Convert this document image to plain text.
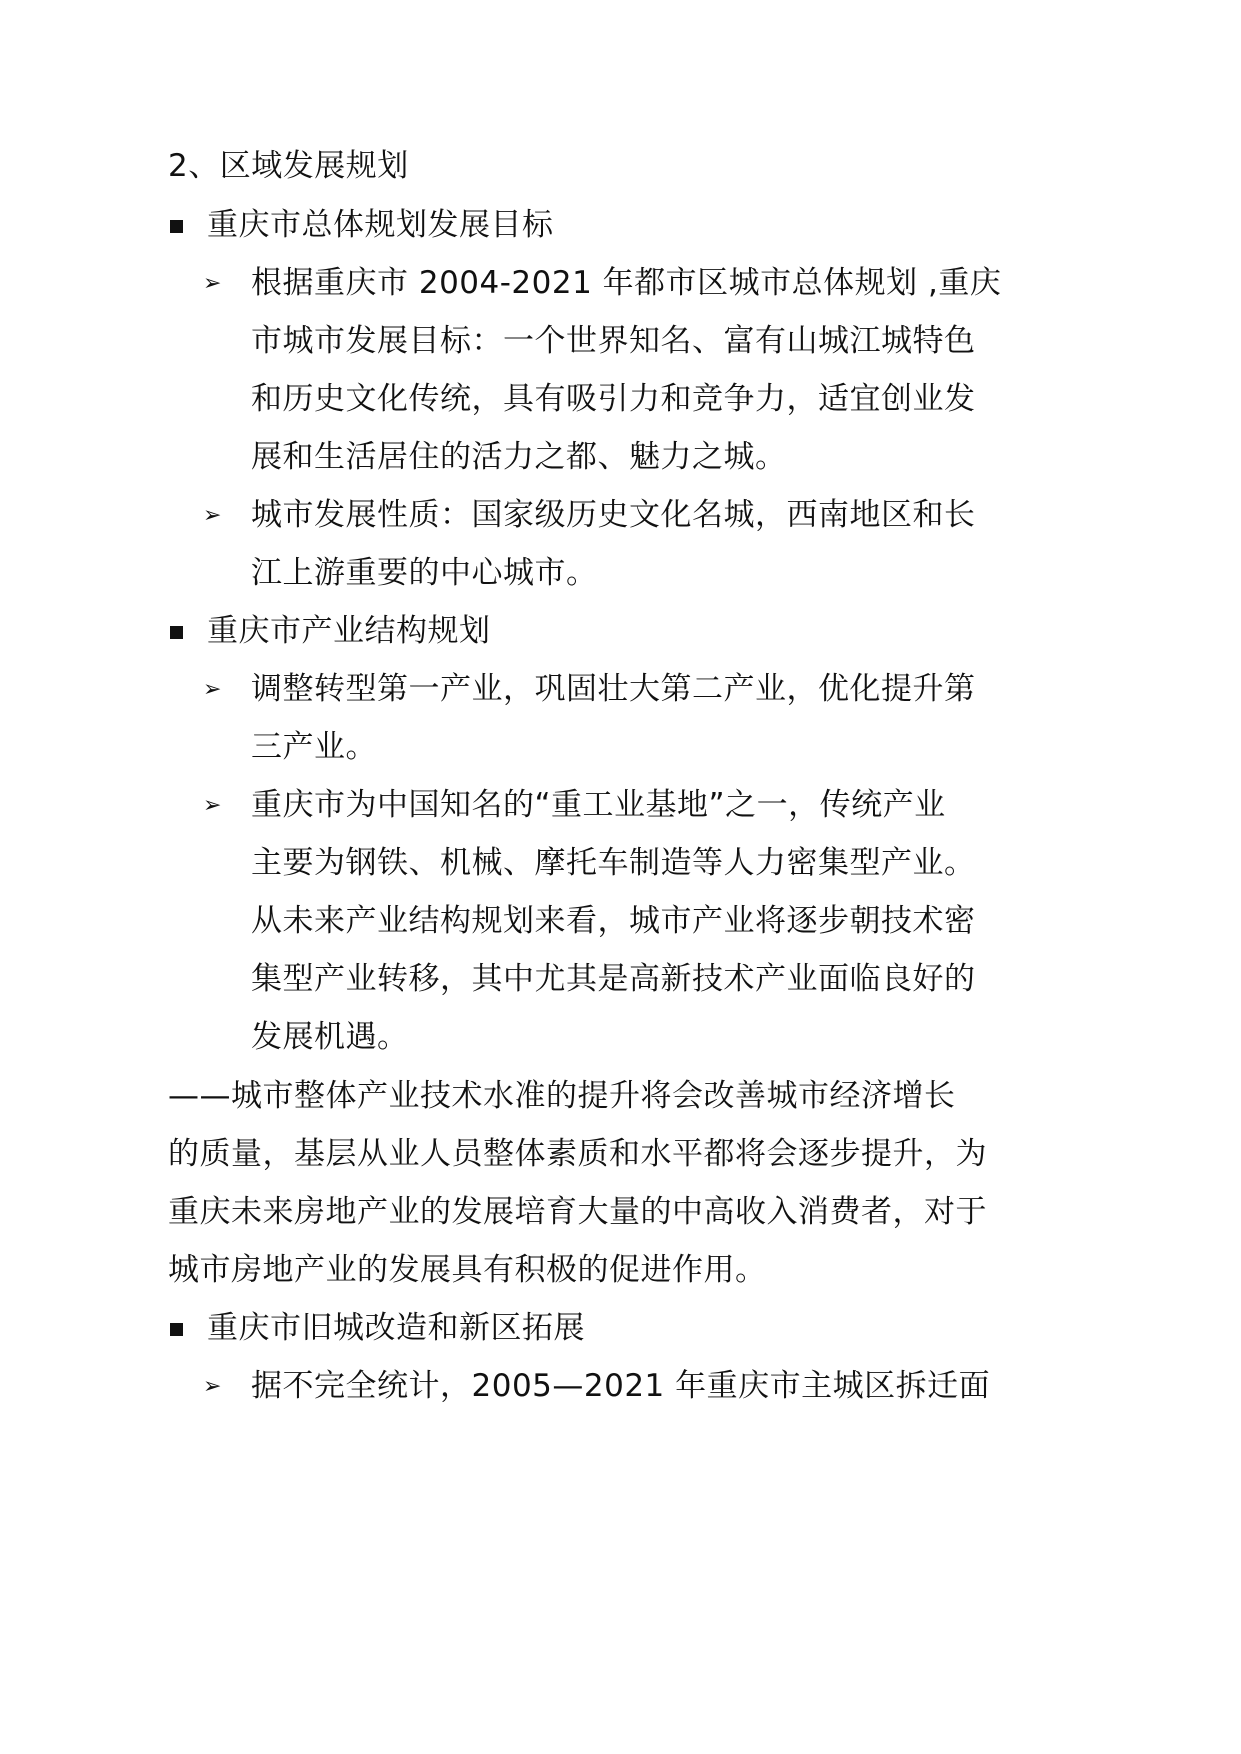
2、区域发展规划
重庆市总体规划发展目标
➢ 根据重庆市 2004-2021 年都市区城市总体规划 ,重庆
市城市发展目标：一个世界知名、富有山城江城特色
和历史文化传统，具有吸引力和竞争力，适宜创业发
展和生活居住的活力之都、魅力之城。
➢ 城市发展性质：国家级历史文化名城，西南地区和长
江上游重要的中心城市。
重庆市产业结构规划
➢ 调整转型第一产业，巩固壮大第二产业，优化提升第
三产业。
➢ 重庆市为中国知名的“重工业基地”之一，传统产业
主要为钢铁、机械、摩托车制造等人力密集型产业。
从未来产业结构规划来看，城市产业将逐步朝技术密
集型产业转移，其中尤其是高新技术产业面临良好的
发展机遇。
——城市整体产业技术水准的提升将会改善城市经济增长
的质量，基层从业人员整体素质和水平都将会逐步提升，为
重庆未来房地产业的发展培育大量的中高收入消费者，对于
城市房地产业的发展具有积极的促进作用。
重庆市旧城改造和新区拓展
➢ 据不完全统计，2005—2021 年重庆市主城区拆迁面
